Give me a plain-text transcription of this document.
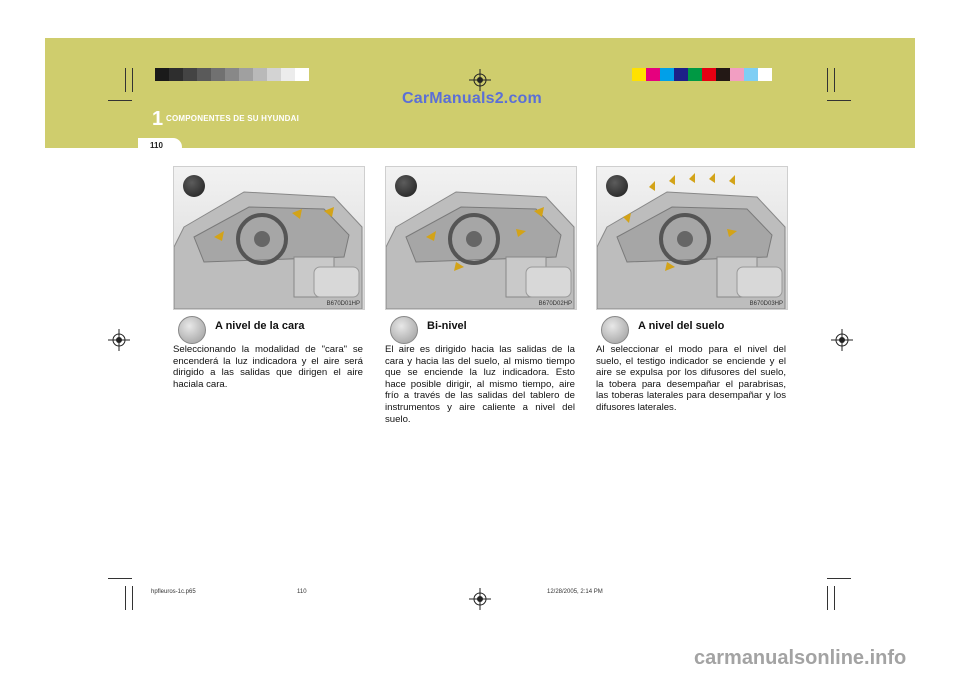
CarManuals2.com
1 COMPONENTES DE SU HYUNDAI
110
B670D01HP
A nivel de la cara
Seleccionando la modalidad de "cara" se encenderá la luz indicadora y el aire será dirigido a las salidas que dirigen el aire haciala cara.
B670D02HP
Bi-nivel
El aire es dirigido hacia las salidas de la cara y hacia las del suelo, al mismo tiempo que se enciende la luz indicadora. Esto hace posible dirigir, al mismo tiempo, aire frío a través de las salidas del tablero de instrumentos y aire caliente a nivel del suelo.
B670D03HP
A nivel del suelo
Al seleccionar el modo para el nivel del suelo, el testigo indicador se enciende y el aire se expulsa por los difusores del suelo, la tobera para desempañar el parabrisas, las toberas laterales para desempañar y los difusores laterales.
hpfleuros-1c.p65	110	12/28/2005, 2:14 PM
carmanualsonline.info
